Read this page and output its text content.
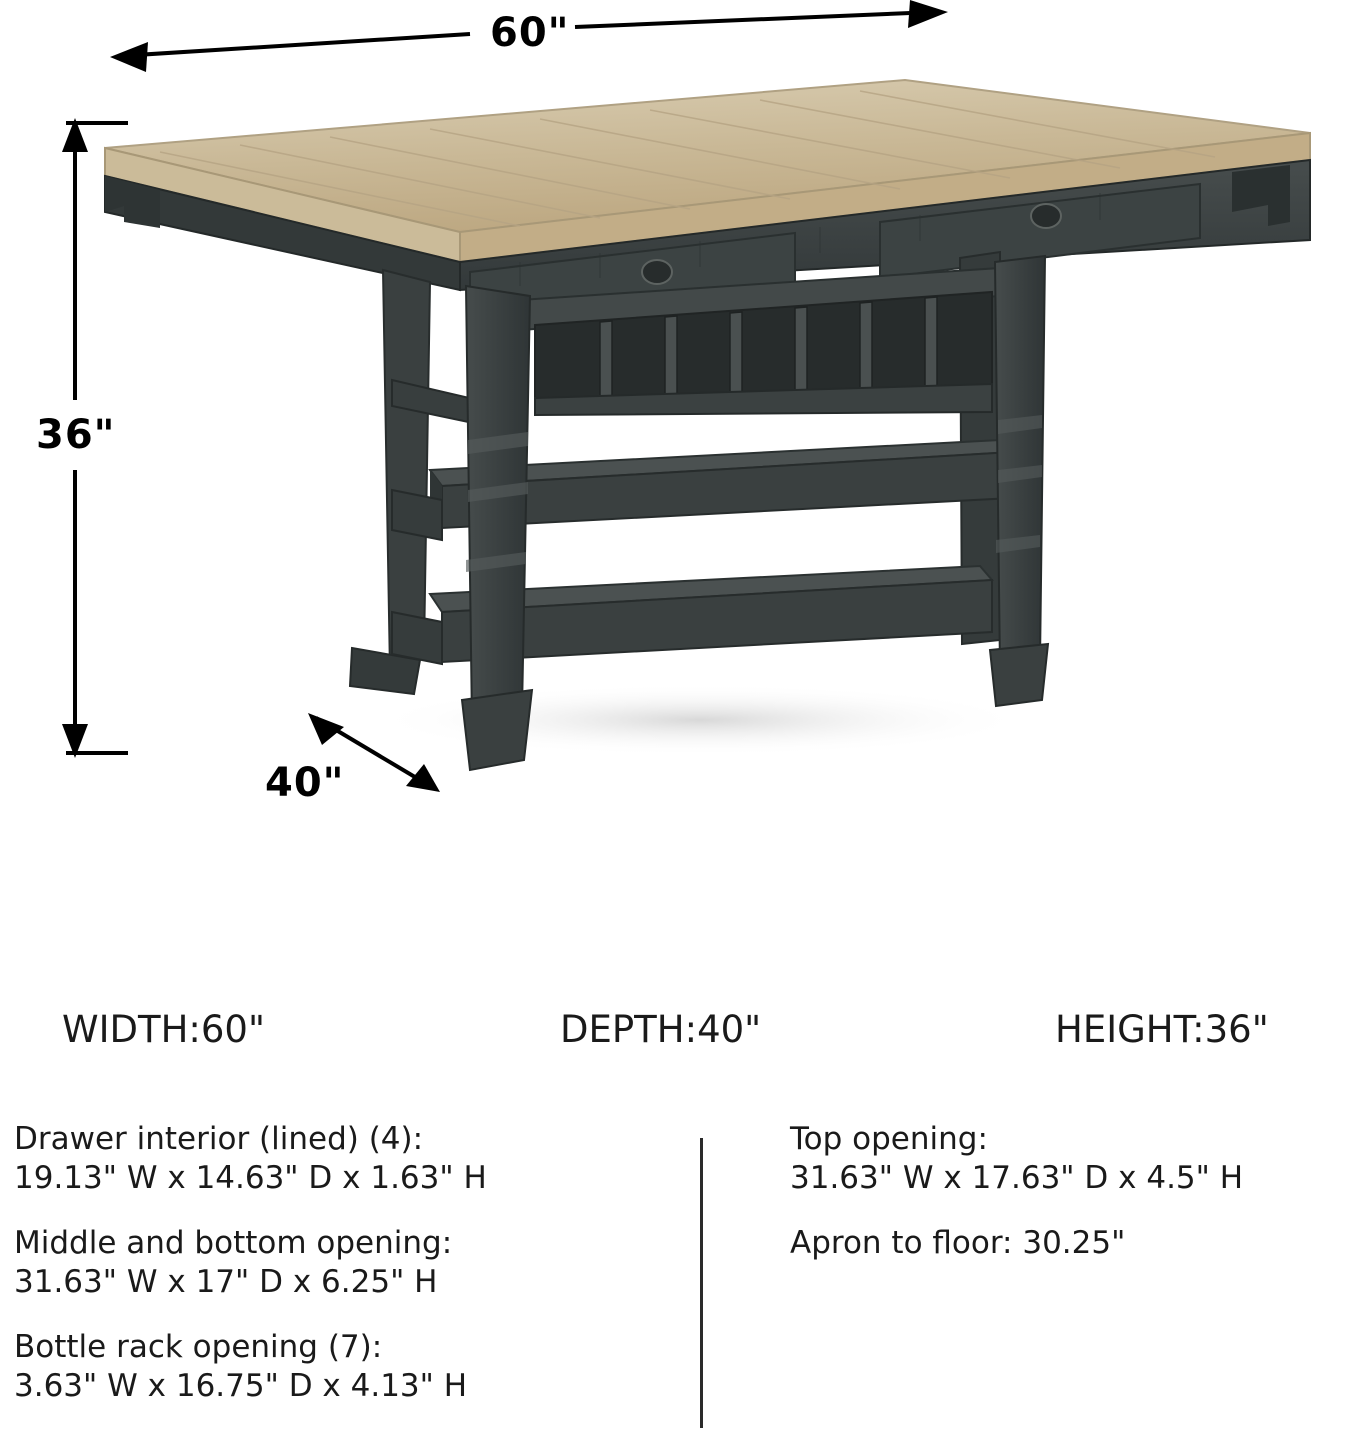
60"
36"
40"
WIDTH:60"	DEPTH:40"	HEIGHT:36"
Drawer interior (lined) (4):
19.13" W x 14.63" D x 1.63" H
Middle and bottom opening:
31.63" W x 17" D x 6.25" H
Bottle rack opening (7):
3.63" W x 16.75" D x 4.13" H
Top opening:
31.63" W x 17.63" D x 4.5" H
Apron to floor: 30.25"
